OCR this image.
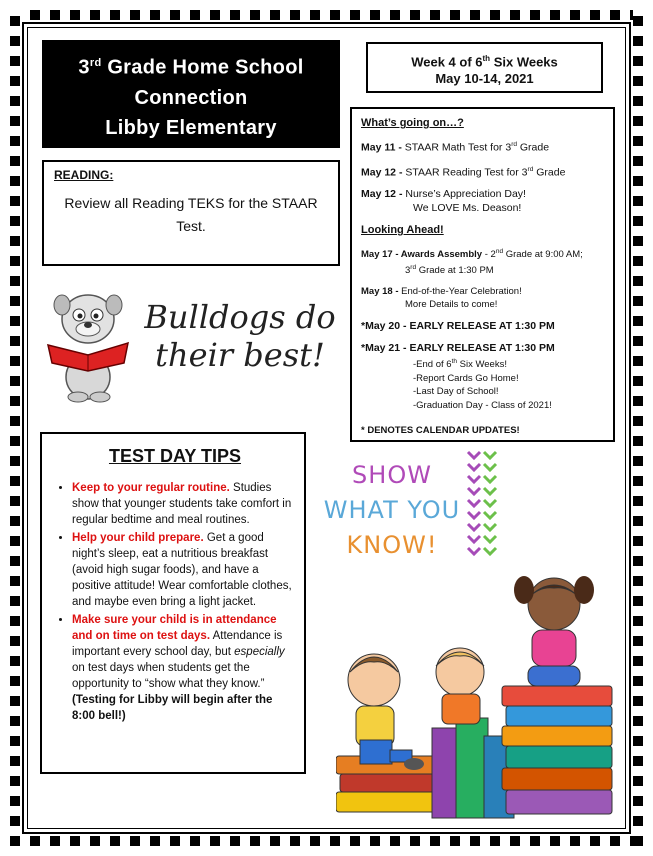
3rd Grade Home School
Connection
Libby Elementary
Week 4 of 6th Six Weeks
May 10-14, 2021
What’s going on…?
May 11 - STAAR Math Test for 3rd Grade
May 12 - STAAR Reading Test for 3rd Grade
May 12 - Nurse’s Appreciation Day!
We LOVE Ms. Deason!
Looking Ahead!
May 17 - Awards Assembly - 2nd Grade at 9:00 AM;
3rd Grade at 1:30 PM
May 18 - End-of-the-Year Celebration!
More Details to come!
*May 20 - EARLY RELEASE AT 1:30 PM
*May 21 - EARLY RELEASE AT 1:30 PM
-End of 6th Six Weeks!
-Report Cards Go Home!
-Last Day of School!
-Graduation Day - Class of 2021!
* DENOTES CALENDAR UPDATES!
READING:
Review all Reading TEKS for the STAAR Test.
Bulldogs do
their best!
TEST DAY TIPS
• Keep to your regular routine. Studies show that younger students take comfort in regular bedtime and meal routines.
• Help your child prepare. Get a good night’s sleep, eat a nutritious breakfast (avoid high sugar foods), and have a positive attitude! Wear comfortable clothes, and maybe even bring a light jacket.
• Make sure your child is in attendance and on time on test days. Attendance is important every school day, but especially on test days when students get the opportunity to “show what they know.” (Testing for Libby will begin after the 8:00 bell!)
SHOW
WHAT YOU
KNOW!
